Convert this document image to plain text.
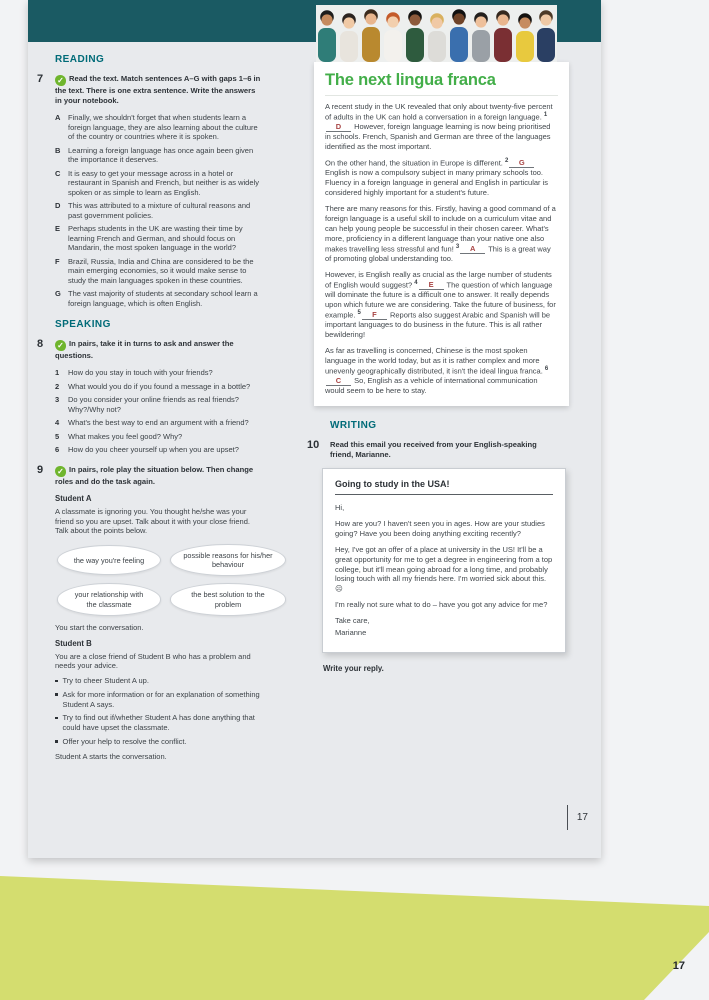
17
READING
7 ✓ Read the text. Match sentences A–G with gaps 1–6 in the text. There is one extra sentence. Write the answers in your notebook.
A	Finally, we shouldn't forget that when students learn a foreign language, they are also learning about the culture of the country or countries where it is spoken.
B	Learning a foreign language has once again been given the importance it deserves.
C	It is easy to get your message across in a hotel or restaurant in Spanish and French, but neither is as widely spoken or as simple to learn as English.
D	This was attributed to a mixture of cultural reasons and past government policies.
E	Perhaps students in the UK are wasting their time by learning French and German, and should focus on Mandarin, the most spoken language in the world?
F	Brazil, Russia, India and China are considered to be the main emerging economies, so it would make sense to study the main languages spoken in these countries.
G The vast majority of students at secondary school learn a foreign language, which is often English.
SPEAKING
8 ✓ In pairs, take it in turns to ask and answer the questions.
1	How do you stay in touch with your friends?
2	What would you do if you found a message in a bottle?
3	Do you consider your online friends as real friends? Why?/Why not?
4	What's the best way to end an argument with a friend?
5	What makes you feel good? Why?
6	How do you cheer yourself up when you are upset?
9 ✓ In pairs, role play the situation below. Then change roles and do the task again.
Student A
A classmate is ignoring you. You thought he/she was your friend so you are upset. Talk about it with your close friend. Talk about the points below.
the way you're feeling
possible reasons for his/her behaviour
your relationship with the classmate
the best solution to the problem
You start the conversation.
Student B
You are a close friend of Student B who has a problem and needs your advice.
Try to cheer Student A up.
Ask for more information or for an explanation of something Student A says.
Try to find out if/whether Student A has done anything that could have upset the classmate.
Offer your help to resolve the conflict.
Student A starts the conversation.
The next lingua franca

A recent study in the UK revealed that only about twenty-five percent of adults in the UK can hold a conversation in a foreign language. $^1$D However, foreign language learning is now being prioritised in schools. French, Spanish and German are three of the languages identified as the most important.

On the other hand, the situation in Europe is different. $^2$ G English is now a compulsory subject in many primary schools too. Fluency in a foreign language in general and English in particular is considered highly important for a student's future.

There are many reasons for this. Firstly, having a good command of a foreign language is a useful skill to include on a curriculum vitae and can help young people be successful in their chosen career. What's more, proficiency in a different language than your native one also makes travelling less stressful and fun! $^3$ A This is a great way of promoting global understanding too.

However, is English really as crucial as the large number of students of English would suggest? $^4$ E The question of which language will dominate the future is a difficult one to answer. It really depends upon which future we are considering. Take the future of business, for example. $^5$ F Reports also suggest Arabic and Spanish will be important languages to do business in the future. This is all rather bewildering!

As far as travelling is concerned, Chinese is the most spoken language in the world today, but as it is rather complex and more unevenly geographically distributed, it isn't the ideal lingua franca. $^6$C So, English as a vehicle of international communication would seem to be here to stay.

WRITING
10 Read this email you received from your English-speaking friend, Marianne.
Going to study in the USA!

Hi,

How are you? I haven't seen you in ages. How are your studies going? Have you been doing anything exciting recently?

Hey, I've got an offer of a place at university in the US! It'll be a great opportunity for me to get a degree in engineering from a top college, but it'll mean going abroad for a long time, and probably losing touch with all my friends here. I'm worried sick about this. ☹

I'm really not sure what to do – have you got any advice for me?

Take care,

Marianne

Write your reply.
17
